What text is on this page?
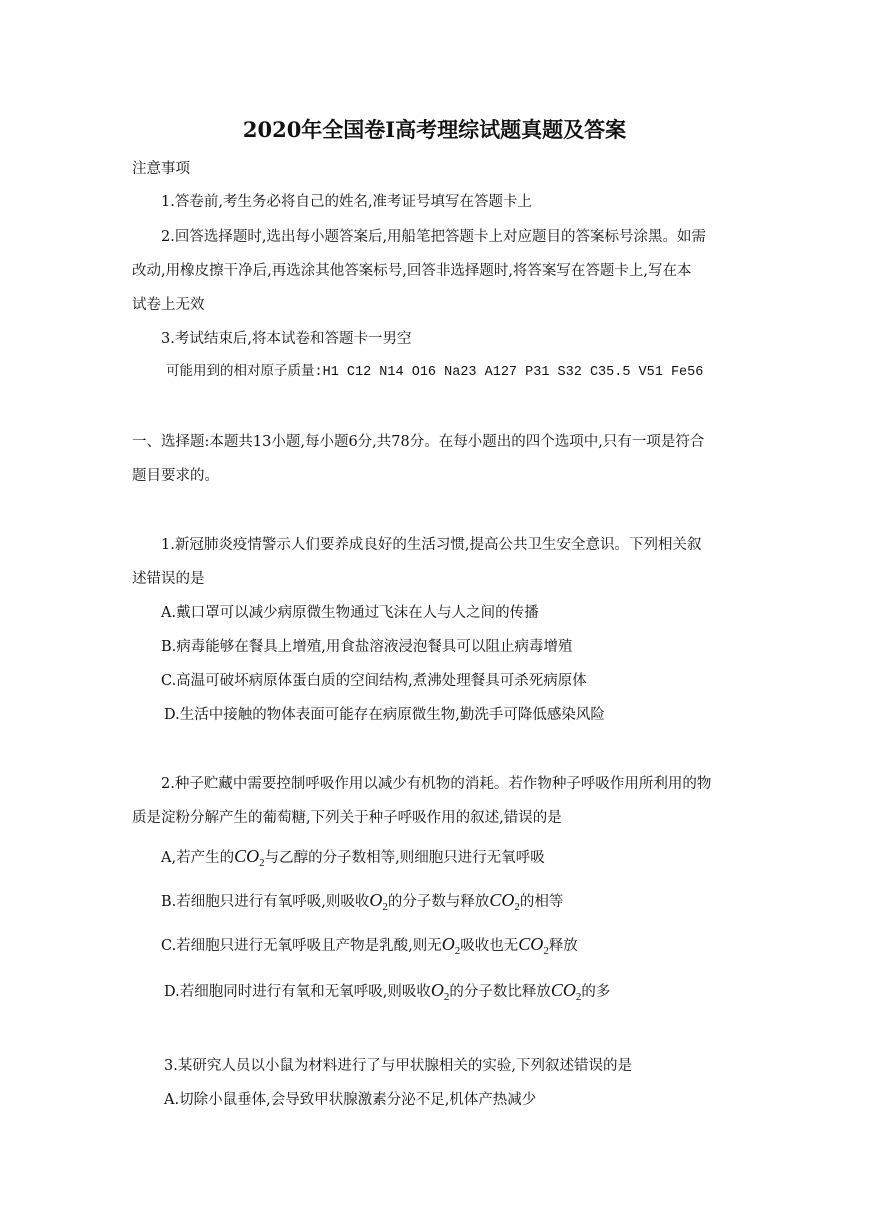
2020年全国卷Ⅰ高考理综试题真题及答案

注意事项

1.答卷前,考生务必将自己的姓名,准考证号填写在答题卡上

2.回答选择题时,选出每小题答案后,用船笔把答题卡上对应题目的答案标号涂黑。如需

改动,用橡皮擦干净后,再选涂其他答案标号,回答非选择题时,将答案写在答题卡上,写在本

试卷上无效

3.考试结束后,将本试卷和答题卡一男空

可能用到的相对原子质量:H1 C12 N14 O16 Na23 A127 P31 S32 C35.5 V51 Fe56

一、选择题:本题共13小题,每小题6分,共78分。在每小题出的四个选项中,只有一项是符合

题目要求的。

1.新冠肺炎疫情警示人们要养成良好的生活习惯,提高公共卫生安全意识。下列相关叙

述错误的是

A.戴口罩可以减少病原微生物通过飞沫在人与人之间的传播

B.病毒能够在餐具上增殖,用食盐溶液浸泡餐具可以阻止病毒增殖

C.高温可破坏病原体蛋白质的空间结构,煮沸处理餐具可杀死病原体

D.生活中接触的物体表面可能存在病原微生物,勤洗手可降低感染风险

2.种子贮藏中需要控制呼吸作用以减少有机物的消耗。若作物种子呼吸作用所利用的物

质是淀粉分解产生的葡萄糖,下列关于种子呼吸作用的叙述,错误的是

A,若产生的$CO_2$与乙醇的分子数相等,则细胞只进行无氧呼吸

B.若细胞只进行有氧呼吸,则吸收$O_2$的分子数与释放$CO_2$的相等

C.若细胞只进行无氧呼吸且产物是乳酸,则无$O_2$吸收也无$CO_2$释放

D.若细胞同时进行有氧和无氧呼吸,则吸收$O_2$的分子数比释放$CO_2$的多

3.某研究人员以小鼠为材料进行了与甲状腺相关的实验,下列叙述错误的是

A.切除小鼠垂体,会导致甲状腺激素分泌不足,机体产热减少
